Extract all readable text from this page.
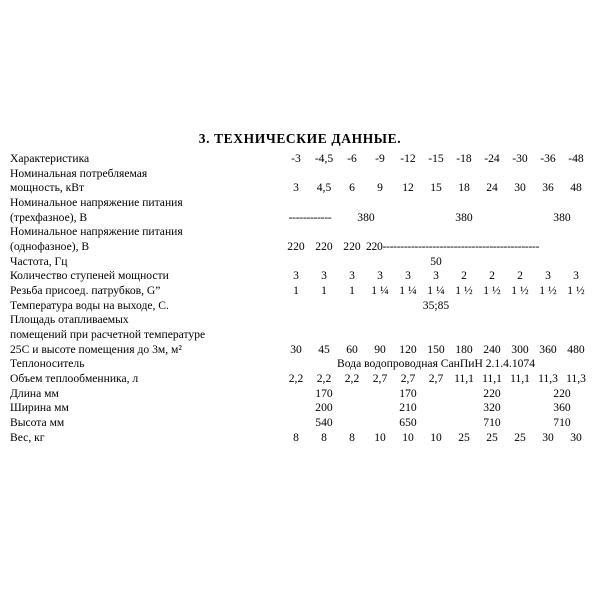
3. ТЕХНИЧЕСКИЕ ДАННЫЕ.
Характеристика	-3	-4,5	-6	-9	-12	-15	-18	-24	-30	-36	-48
Номинальная потребляемая											
мощность, кВт	3	4,5	6	9	12	15	18	24	30	36	48
Номинальное напряжение питания											
(трехфазное), В	------------		380		380					380	
Номинальное напряжение питания											
(однофазное), В	220	220	220	220--------------------------------------------							
Частота, Гц	50										
Количество ступеней мощности	3	3	3	3	3	3	2	2	2	3	3
Резьба присоед. патрубков, G”	1	1	1	1 ¼	1 ¼	1 ¼	1 ½	1 ½	1 ½	1 ½	1 ½
Температура воды на выходе, С.	35;85										
Площадь отапливаемых											
помещений при расчетной температуре											
25С и высоте помещения до 3м, м²	30	45	60	90	120	150	180	240	300	360	480
Теплоноситель	Вода водопроводная СанПиН 2.1.4.1074										
Объем теплообменника, л	2,2	2,2	2,2	2,7	2,7	2,7	11,1	11,1	11,1	11,3	11,3
Длина мм	170			170			220			220	
Ширина мм	200			210			320			360	
Высота мм	540			650			710			710	
Вес, кг	8	8	8	10	10	10	25	25	25	30	30
